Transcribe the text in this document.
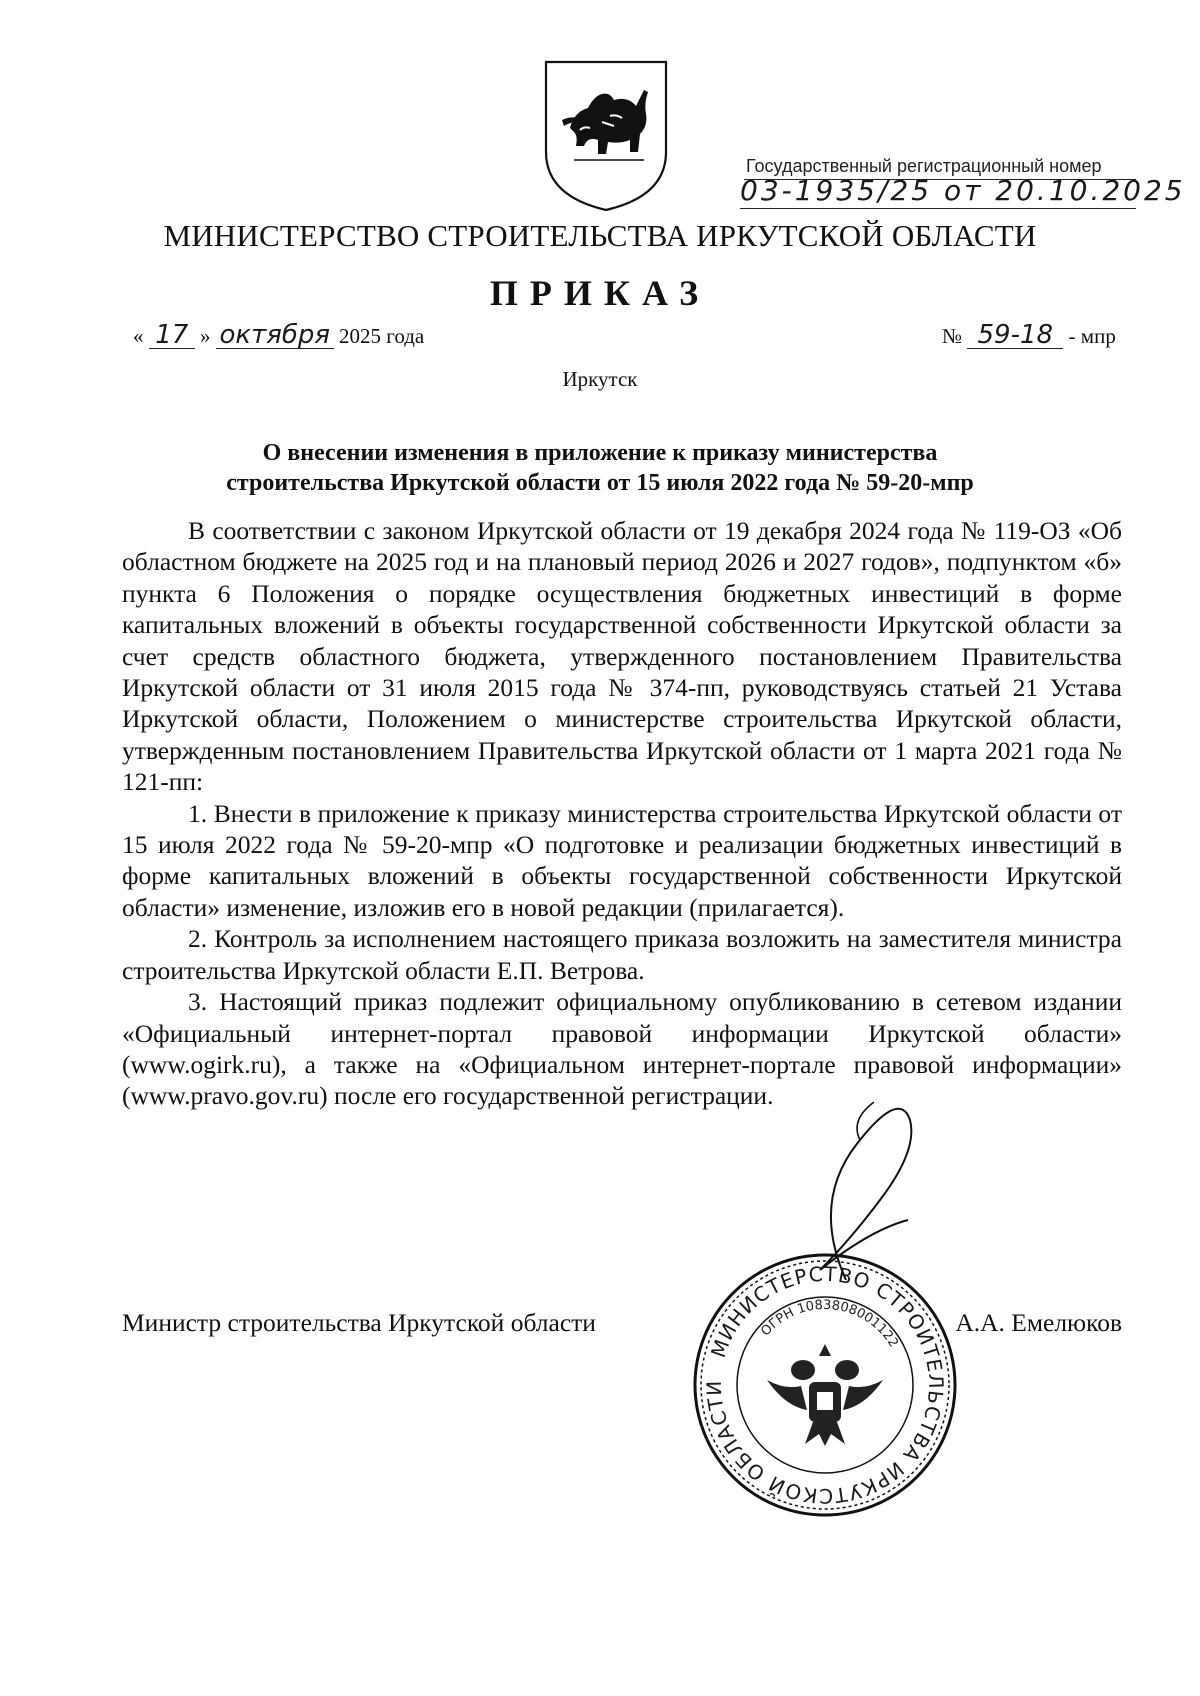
Государственный регистрационный номер
03-1935/25 от 20.10.2025
МИНИСТЕРСТВО СТРОИТЕЛЬСТВА ИРКУТСКОЙ ОБЛАСТИ
ПРИКАЗ
« 17 » октября 2025 года	№ 59-18 - мпр
Иркутск
О внесении изменения в приложение к приказу министерства
строительства Иркутской области от 15 июля 2022 года № 59-20-мпр

В соответствии с законом Иркутской области от 19 декабря 2024 года № 119-ОЗ «Об областном бюджете на 2025 год и на плановый период 2026 и 2027 годов», подпунктом «б» пункта 6 Положения о порядке осуществления бюджетных инвестиций в форме капитальных вложений в объекты государственной собственности Иркутской области за счет средств областного бюджета, утвержденного постановлением Правительства Иркутской области от 31 июля 2015 года № 374-пп, руководствуясь статьей 21 Устава Иркутской области, Положением о министерстве строительства Иркутской области, утвержденным постановлением Правительства Иркутской области от 1 марта 2021 года № 121-пп:

1. Внести в приложение к приказу министерства строительства Иркутской области от 15 июля 2022 года № 59-20-мпр «О подготовке и реализации бюджетных инвестиций в форме капитальных вложений в объекты государственной собственности Иркутской области» изменение, изложив его в новой редакции (прилагается).

2. Контроль за исполнением настоящего приказа возложить на заместителя министра строительства Иркутской области Е.П. Ветрова.

3. Настоящий приказ подлежит официальному опубликованию в сетевом издании «Официальный интернет-портал правовой информации Иркутской области» (www.ogirk.ru), а также на «Официальном интернет-портале правовой информации» (www.pravo.gov.ru) после его государственной регистрации.

Министр строительства Иркутской области	А.А. Емелюков
МИНИСТЕРСТВО СТРОИТЕЛЬСТВА ИРКУТСКОЙ ОБЛАСТИ
ОГРН 1083808001122
